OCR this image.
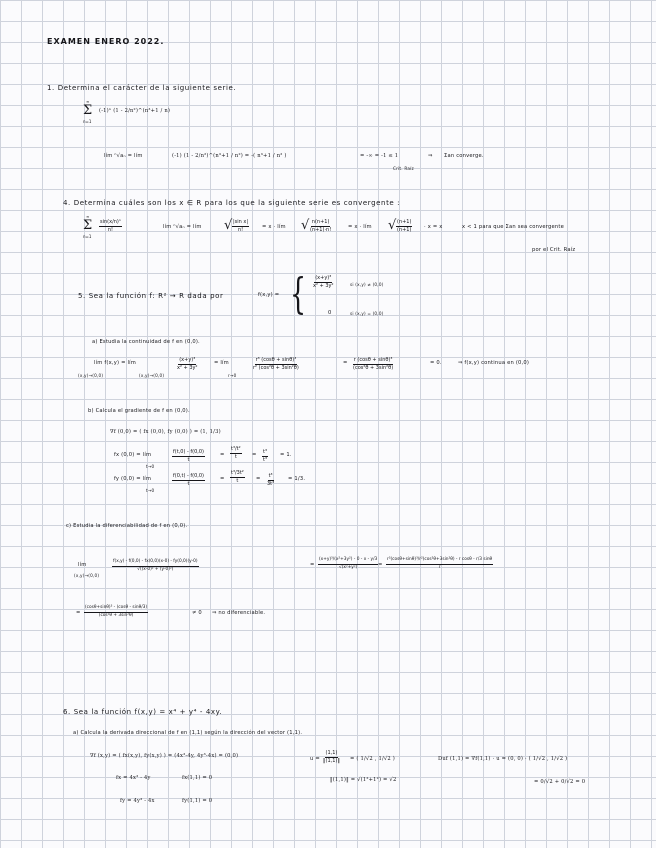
EXAMEN ENERO 2022.
1. Determina el carácter de la siguiente serie.
∞
Σ
n=1
(-1)ⁿ (1 - 2/n²)^(n³+1 / n)
lím ⁿ√aₙ = lím	(-1) (1 - 2/n²)^(n³+1 / n²) = -( n³+1 / n² )	= -∞ = -1 ≤ 1	⇒ Σan converge.
Crit. Raíz
4. Determina cuáles son los x ∈ R para los que la siguiente serie es convergente :
∞
Σ
n=1
$\frac{\text{sin(x/n)ⁿ}}{n!}$	lím ⁿ√aₙ = lím √ $\frac{\text{|sin x|}}{n!} = x$ · lím √ $\frac{n(n+1)}{(n+1)\cdot n!}$	= x · lím √ $\frac{(n+1)}{(n+1)} \cdot x = x$	x < 1 para que Σan sea convergente
por el Crit. Raíz
5. Sea la función f: R² → R dada por	f(x,y) = { $\frac{\text{(x+y)³}}{\text{x² + 3y²}}$	si (x,y) ≠ (0,0)
0	si (x,y) = (0,0)
a) Estudia la continuidad de f en (0,0).
lím f(x,y) = lím
(x,y)→(0,0)	(x,y)→(0,0)
$\frac{\text{(x+y)³}}{\text{x² + 3y²}}$	= lím
r→0
$\frac{\text{r³ (cosθ + sinθ)³}}{\text{r² (cos²θ + 3sin²θ)}}$	= $\frac{\text{r (cosθ + sinθ)³}}{\text{(cos²θ + 3sin²θ)}}$	= 0.	⇒ f(x,y) continua en (0,0)
b) Calcula el gradiente de f en (0,0).
∇f (0,0) = ( fx (0,0), fy (0,0) ) = (1, 1/3)
fx (0,0) = lím
t→0
$\frac{f(t,0) - f(0,0)}{t}$	= $\frac{\text{t³/t²}}{t} = \frac{\text{t³}}{\text{t³}} = 1$.
fy (0,0) = lím
t→0
$\frac{f(0,t) - f(0,0)}{t}$	= $\frac{\text{t³/3t²}}{t} = \frac{\text{t³}}{\text{3t³}} = 1/3$.
c) Estudia la diferenciabilidad de f en (0,0).
lím
(x,y)→(0,0)
$\frac{f(x,y) - f(0,0) - fx(0,0)(x-0) - fy(0,0)(y-0)}{\text{√((x-0)² + (y-0)²)}}$	= $\frac{\text{(x+y)³/(x²+3y²) - 0 - x - y/3}}{\text{√(x²+y²)}} = \frac{\text{r³(cosθ+sinθ)³/r²(cos²θ+3sin²θ) - r cosθ - r/3 sinθ}}{r}$
= $\frac{\text{(cosθ+sinθ)³ - (cosθ - sinθ/3)}}{\text{(cos²θ + 3sin²θ)}}$	≠ 0 ⇒ no diferenciable.
6. Sea la función f(x,y) = x⁴ + y⁴ - 4xy.
a) Calcula la derivada direccional de f en (1,1) según la dirección del vector (1,1).
∇f (x,y) = ( fx(x,y), fy(x,y) ) = (4x³-4y, 4y³-4x) = (0,0)
fx = 4x³ - 4y	fx(1,1) = 0
fy = 4y³ - 4x	fy(1,1) = 0
$u = \frac{(1,1)}{‖(1,1)‖}$ = ( 1/√2 , 1/√2 )
‖(1,1)‖ = √(1²+1²) = √2
Duf (1,1) = ∇f(1,1) · u = (0, 0) · ( 1/√2 , 1/√2 )
= 0/√2 + 0/√2 = 0
